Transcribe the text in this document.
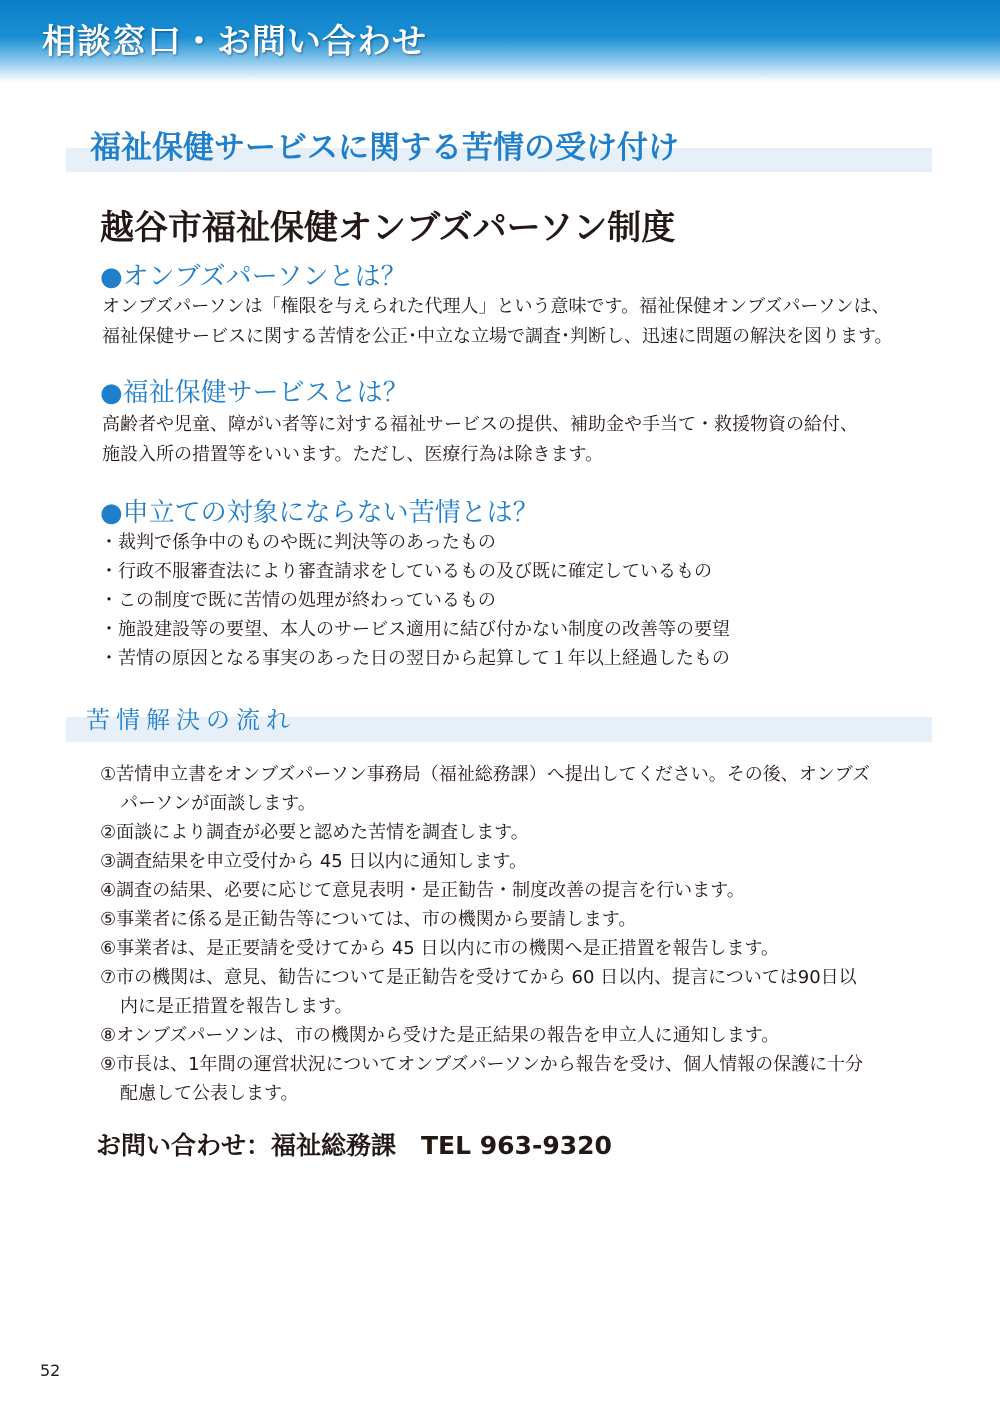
相談窓口・お問い合わせ
福祉保健サービスに関する苦情の受け付け
越谷市福祉保健オンブズパーソン制度
●オンブズパーソンとは？
オンブズパーソンは「権限を与えられた代理人」という意味です。福祉保健オンブズパーソンは、
福祉保健サービスに関する苦情を公正･中立な立場で調査･判断し、迅速に問題の解決を図ります。
●福祉保健サービスとは？
高齢者や児童、障がい者等に対する福祉サービスの提供、補助金や手当て・救援物資の給付、
施設入所の措置等をいいます。ただし、医療行為は除きます。
●申立ての対象にならない苦情とは？
・裁判で係争中のものや既に判決等のあったもの
・行政不服審査法により審査請求をしているもの及び既に確定しているもの
・この制度で既に苦情の処理が終わっているもの
・施設建設等の要望、本人のサービス適用に結び付かない制度の改善等の要望
・苦情の原因となる事実のあった日の翌日から起算して１年以上経過したもの
苦情解決の流れ
①苦情申立書をオンブズパーソン事務局（福祉総務課）へ提出してください。その後、オンブズ
パーソンが面談します。
②面談により調査が必要と認めた苦情を調査します。
③調査結果を申立受付から 45 日以内に通知します。
④調査の結果、必要に応じて意見表明・是正勧告・制度改善の提言を行います。
⑤事業者に係る是正勧告等については、市の機関から要請します。
⑥事業者は、是正要請を受けてから 45 日以内に市の機関へ是正措置を報告します。
⑦市の機関は、意見、勧告について是正勧告を受けてから 60 日以内、提言については90日以
内に是正措置を報告します。
⑧オンブズパーソンは、市の機関から受けた是正結果の報告を申立人に通知します。
⑨市長は、1年間の運営状況についてオンブズパーソンから報告を受け、個人情報の保護に十分
配慮して公表します。
お問い合わせ：福祉総務課　TEL 963-9320
52
